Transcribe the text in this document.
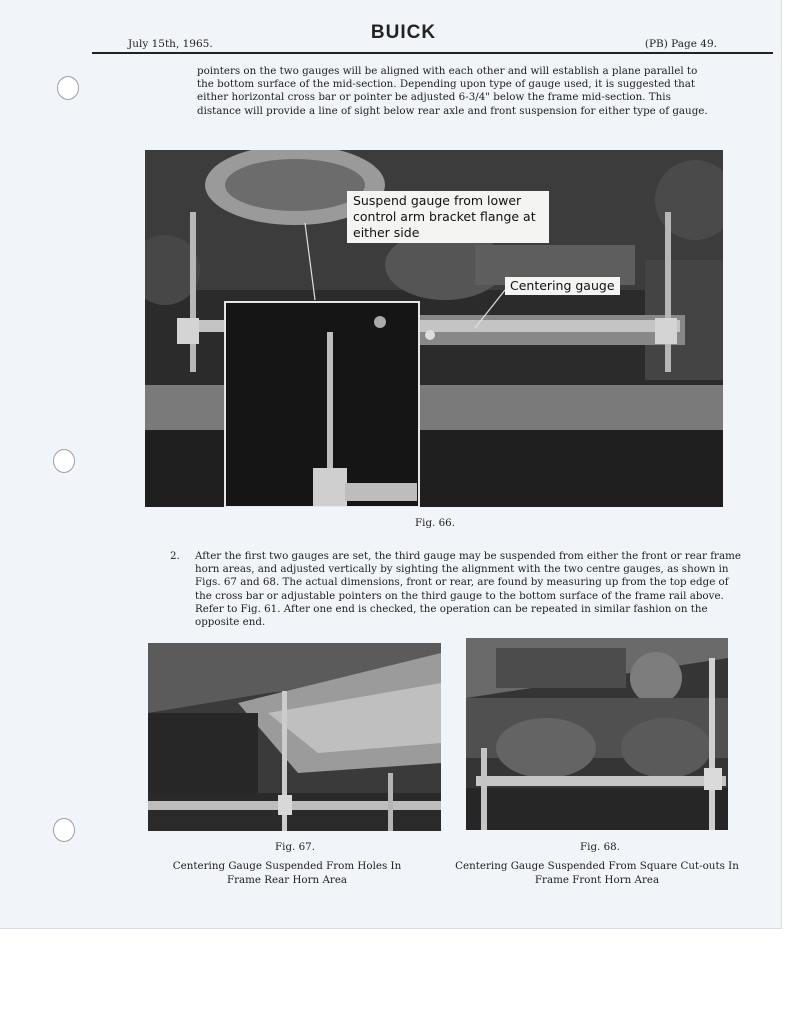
July 15th, 1965.
BUICK
(PB) Page 49.

pointers on the two gauges will be aligned with each other and will establish a plane parallel to the bottom surface of the mid-section. Depending upon type of gauge used, it is suggested that either horizontal cross bar or pointer be adjusted 6-3/4" below the frame mid-section. This distance will provide a line of sight below rear axle and front suspension for either type of gauge.

Suspend gauge from lower control arm bracket flange at either side
Centering gauge
Fig. 66.
2. After the first two gauges are set, the third gauge may be suspended from either the front or rear frame horn areas, and adjusted vertically by sighting the alignment with the two centre gauges, as shown in Figs. 67 and 68. The actual dimensions, front or rear, are found by measuring up from the top edge of the cross bar or adjustable pointers on the third gauge to the bottom surface of the frame rail above. Refer to Fig. 61. After one end is checked, the operation can be repeated in similar fashion on the opposite end.

Fig. 67.
Centering Gauge Suspended From Holes In Frame Rear Horn Area
Fig. 68.
Centering Gauge Suspended From Square Cut-outs In Frame Front Horn Area
